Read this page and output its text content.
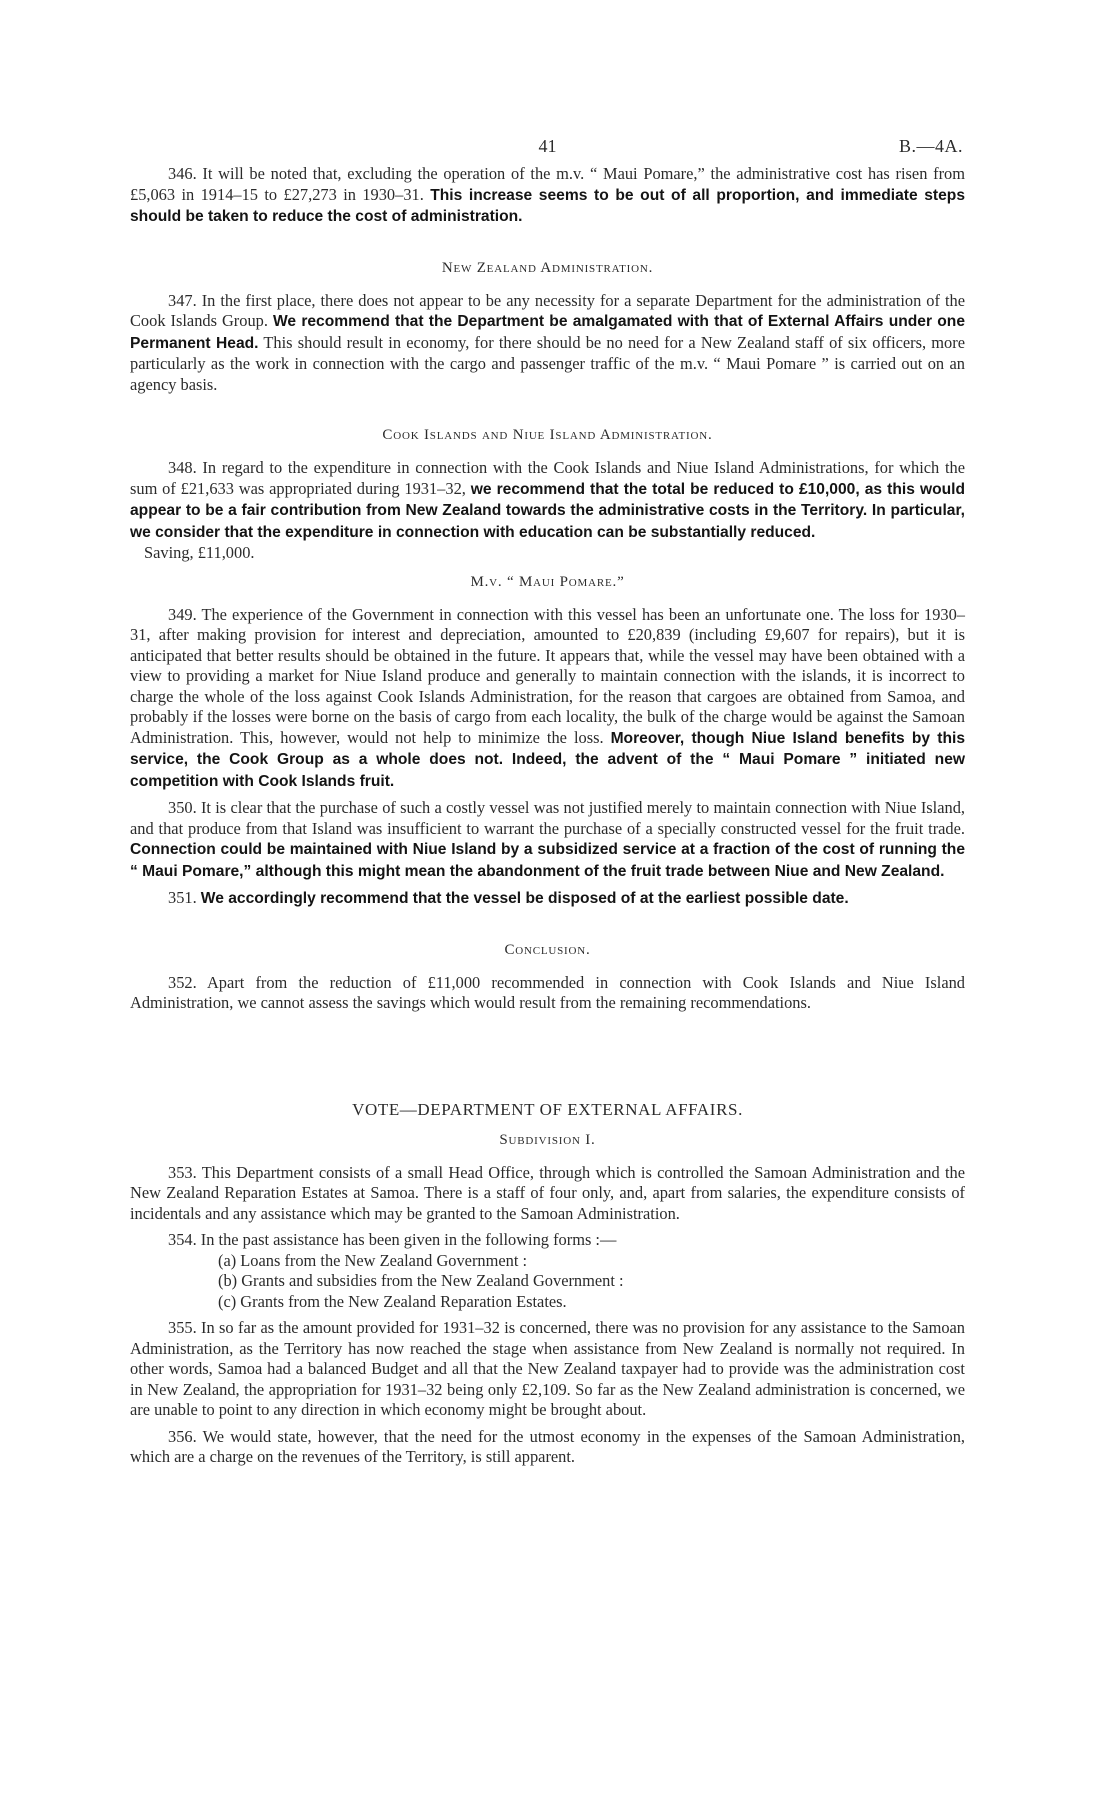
41	B.—4A.

346. It will be noted that, excluding the operation of the m.v. “ Maui Pomare,” the administrative cost has risen from £5,063 in 1914–15 to £27,273 in 1930–31. This increase seems to be out of all proportion, and immediate steps should be taken to reduce the cost of administration.

New Zealand Administration.

347. In the first place, there does not appear to be any necessity for a separate Department for the administration of the Cook Islands Group. We recommend that the Department be amalgamated with that of External Affairs under one Permanent Head. This should result in economy, for there should be no need for a New Zealand staff of six officers, more particularly as the work in connection with the cargo and passenger traffic of the m.v. “ Maui Pomare ” is carried out on an agency basis.

Cook Islands and Niue Island Administration.

348. In regard to the expenditure in connection with the Cook Islands and Niue Island Administrations, for which the sum of £21,633 was appropriated during 1931–32, we recommend that the total be reduced to £10,000, as this would appear to be a fair contribution from New Zealand towards the administrative costs in the Territory. In particular, we consider that the expenditure in connection with education can be substantially reduced.

Saving, £11,000.

M.v. “ Maui Pomare.”

349. The experience of the Government in connection with this vessel has been an unfortunate one. The loss for 1930–31, after making provision for interest and depreciation, amounted to £20,839 (including £9,607 for repairs), but it is anticipated that better results should be obtained in the future. It appears that, while the vessel may have been obtained with a view to providing a market for Niue Island produce and generally to maintain connection with the islands, it is incorrect to charge the whole of the loss against Cook Islands Administration, for the reason that cargoes are obtained from Samoa, and probably if the losses were borne on the basis of cargo from each locality, the bulk of the charge would be against the Samoan Administration. This, however, would not help to minimize the loss. Moreover, though Niue Island benefits by this service, the Cook Group as a whole does not. Indeed, the advent of the “ Maui Pomare ” initiated new competition with Cook Islands fruit.

350. It is clear that the purchase of such a costly vessel was not justified merely to maintain connection with Niue Island, and that produce from that Island was insufficient to warrant the purchase of a specially constructed vessel for the fruit trade. Connection could be maintained with Niue Island by a subsidized service at a fraction of the cost of running the “ Maui Pomare,” although this might mean the abandonment of the fruit trade between Niue and New Zealand.

351. We accordingly recommend that the vessel be disposed of at the earliest possible date.

Conclusion.

352. Apart from the reduction of £11,000 recommended in connection with Cook Islands and Niue Island Administration, we cannot assess the savings which would result from the remaining recommendations.

VOTE—DEPARTMENT OF EXTERNAL AFFAIRS.
Subdivision I.

353. This Department consists of a small Head Office, through which is controlled the Samoan Administration and the New Zealand Reparation Estates at Samoa. There is a staff of four only, and, apart from salaries, the expenditure consists of incidentals and any assistance which may be granted to the Samoan Administration.

354. In the past assistance has been given in the following forms :—

(a) Loans from the New Zealand Government :

(b) Grants and subsidies from the New Zealand Government :

(c) Grants from the New Zealand Reparation Estates.

355. In so far as the amount provided for 1931–32 is concerned, there was no provision for any assistance to the Samoan Administration, as the Territory has now reached the stage when assistance from New Zealand is normally not required. In other words, Samoa had a balanced Budget and all that the New Zealand taxpayer had to provide was the administration cost in New Zealand, the appropriation for 1931–32 being only £2,109. So far as the New Zealand administration is concerned, we are unable to point to any direction in which economy might be brought about.

356. We would state, however, that the need for the utmost economy in the expenses of the Samoan Administration, which are a charge on the revenues of the Territory, is still apparent.
